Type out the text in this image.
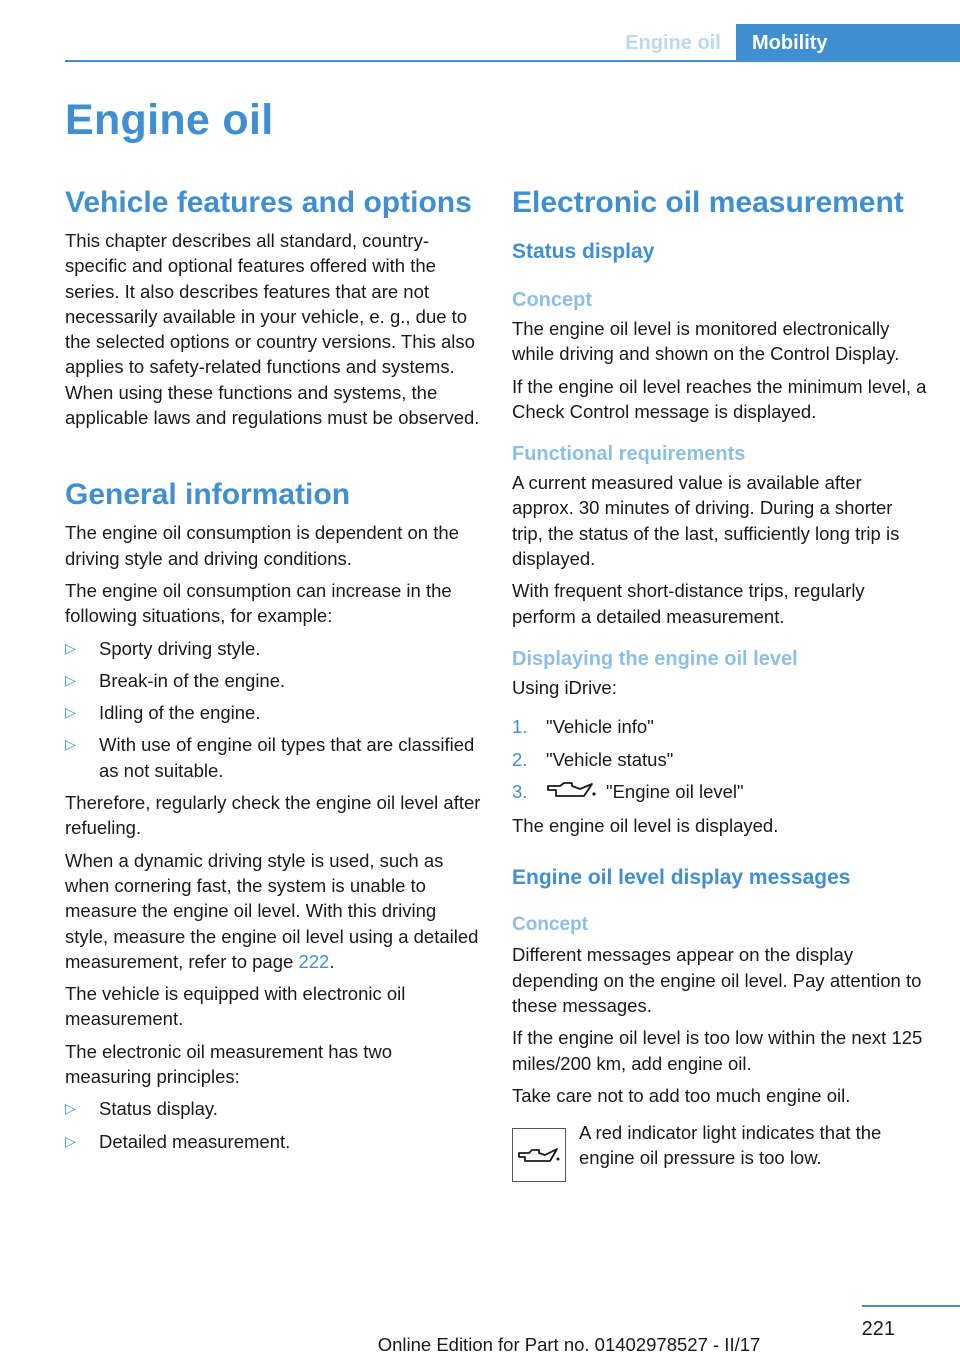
Engine oil	Mobility
Engine oil
Vehicle features and options

This chapter describes all standard, country-specific and optional features offered with the series. It also describes features that are not necessarily available in your vehicle, e. g., due to the selected options or country versions. This also applies to safety-related functions and systems. When using these functions and systems, the applicable laws and regulations must be observed.

General information

The engine oil consumption is dependent on the driving style and driving conditions.

The engine oil consumption can increase in the following situations, for example:

▷	Sporty driving style.
▷	Break-in of the engine.
▷	Idling of the engine.
▷	With use of engine oil types that are classified as not suitable.

Therefore, regularly check the engine oil level after refueling.

When a dynamic driving style is used, such as when cornering fast, the system is unable to measure the engine oil level. With this driving style, measure the engine oil level using a detailed measurement, refer to page 222.

The vehicle is equipped with electronic oil measurement.

The electronic oil measurement has two measuring principles:

▷	Status display.
▷	Detailed measurement.
Electronic oil measurement
Status display
Concept

The engine oil level is monitored electronically while driving and shown on the Control Display.

If the engine oil level reaches the minimum level, a Check Control message is displayed.

Functional requirements

A current measured value is available after approx. 30 minutes of driving. During a shorter trip, the status of the last, sufficiently long trip is displayed.

With frequent short-distance trips, regularly perform a detailed measurement.

Displaying the engine oil level

Using iDrive:

1. "Vehicle info"
2. "Vehicle status"
3.	"Engine oil level"

The engine oil level is displayed.

Engine oil level display messages
Concept

Different messages appear on the display depending on the engine oil level. Pay attention to these messages.

If the engine oil level is too low within the next 125 miles/200 km, add engine oil.

Take care not to add too much engine oil.

A red indicator light indicates that the engine oil pressure is too low.

221
Online Edition for Part no. 01402978527 - II/17
